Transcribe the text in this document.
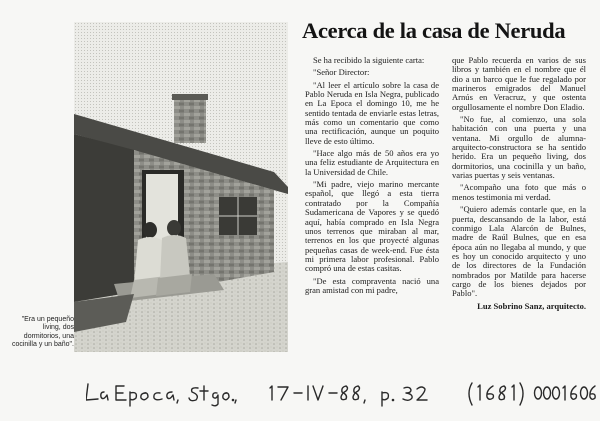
"Era un pequeño living, dos dormitorios, una cocinilla y un baño".
Acerca de la casa de Neruda

Se ha recibido la siguiente carta:

"Señor Director:

"Al leer el artículo sobre la casa de Pablo Neruda en Isla Negra, publicado en La Epoca el domingo 10, me he sentido tentada de enviarle estas letras, más como un comentario que como una rectificación, aunque un poquito lleve de esto último.

"Hace algo más de 50 años era yo una feliz estudiante de Arquitectura en la Universidad de Chile.

"Mi padre, viejo marino mercante español, que llegó a esta tierra contratado por la Compañía Sudamericana de Vapores y se quedó aquí, había comprado en Isla Negra unos terrenos que miraban al mar, terrenos en los que proyecté algunas pequeñas casas de week-end. Fue ésta mi primera labor profesional. Pablo compró una de estas casitas.

"De esta compraventa nació una gran amistad con mi padre,

que Pablo recuerda en varios de sus libros y también en el nombre que él dio a un barco que le fue regalado por marineros emigrados del Manuel Arnús en Veracruz, y que ostenta orgullosamente el nombre Don Eladio.

"No fue, al comienzo, una sola habitación con una puerta y una ventana. Mi orgullo de alumna-arquitecto-constructora se ha sentido herido. Era un pequeño living, dos dormitorios, una cocinilla y un baño, varias puertas y seis ventanas.

"Acompaño una foto que más o menos testimonia mi verdad.

"Quiero además contarle que, en la puerta, descansando de la labor, está conmigo Lala Alarcón de Bulnes, madre de Raúl Bulnes, que en esa época aún no llegaba al mundo, y que es hoy un conocido arquitecto y uno de los directores de la Fundación nombrados por Matilde para hacerse cargo de los bienes dejados por Pablo".

Luz Sobrino Sanz, arquitecto.
